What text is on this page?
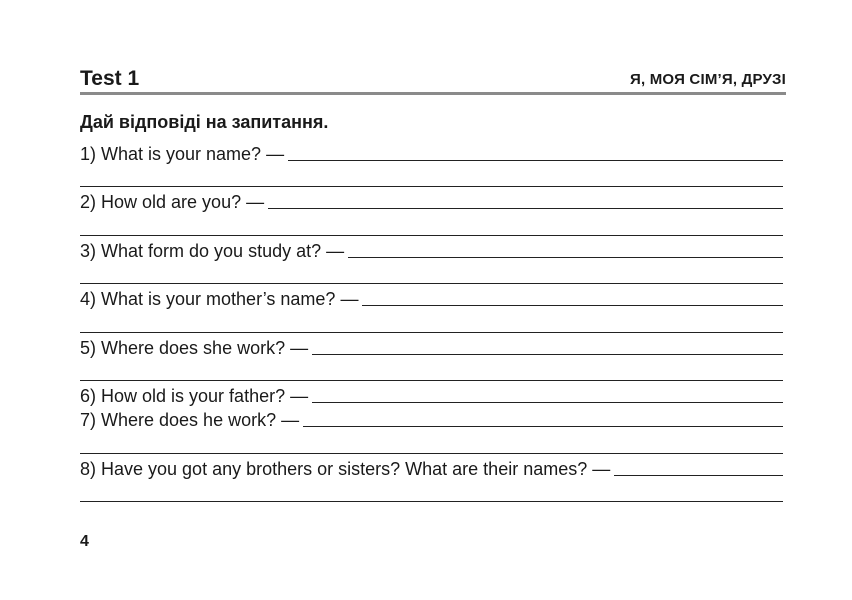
Test 1	Я, МОЯ СІМ’Я, ДРУЗІ
Дай відповіді на запитання.
1) What is your name? —
2) How old are you? —
3) What form do you study at? —
4) What is your mother’s name? —
5) Where does she work? —
6) How old is your father? —
7) Where does he work? —
8) Have you got any brothers or sisters? What are their names? —
4
